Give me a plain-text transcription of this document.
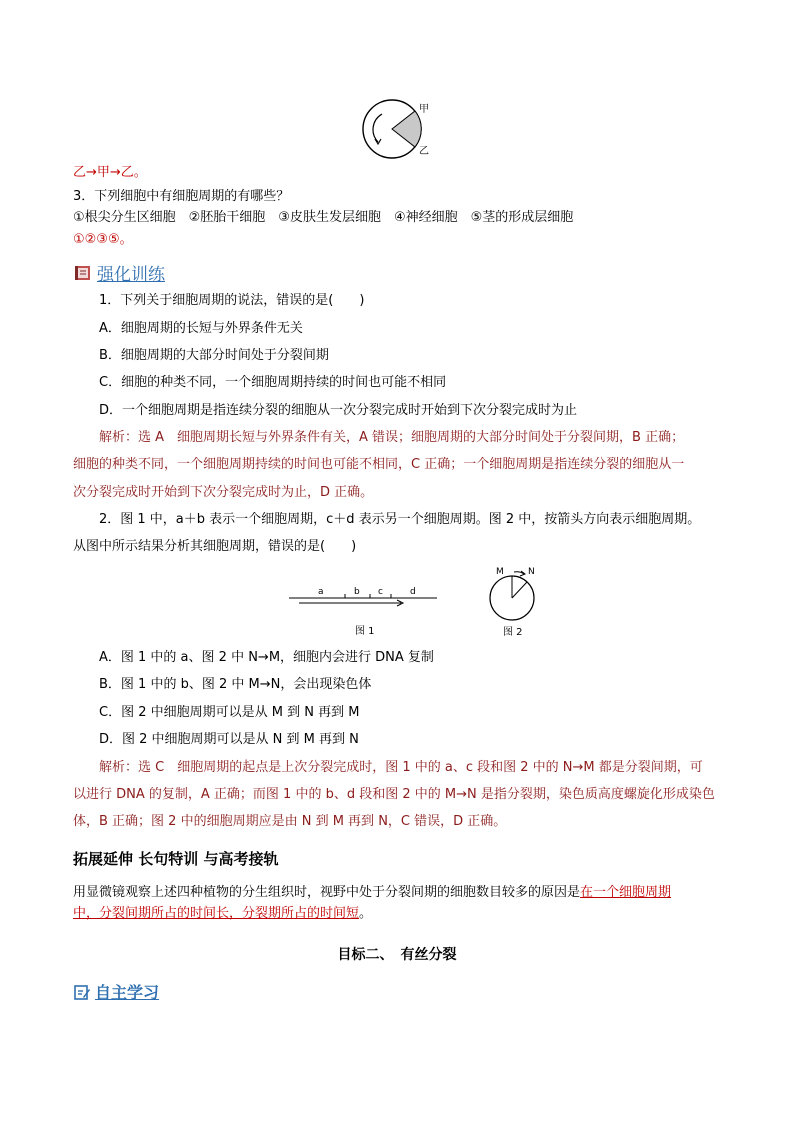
甲
乙
乙→甲→乙。
3．下列细胞中有细胞周期的有哪些？
①根尖分生区细胞　②胚胎干细胞　③皮肤生发层细胞　④神经细胞　⑤茎的形成层细胞
①②③⑤。
强化训练
1．下列关于细胞周期的说法，错误的是(　　)
A．细胞周期的长短与外界条件无关
B．细胞周期的大部分时间处于分裂间期
C．细胞的种类不同，一个细胞周期持续的时间也可能不相同
D．一个细胞周期是指连续分裂的细胞从一次分裂完成时开始到下次分裂完成时为止
解析：选 A　细胞周期长短与外界条件有关，A 错误；细胞周期的大部分时间处于分裂间期，B 正确；
细胞的种类不同，一个细胞周期持续的时间也可能不相同，C 正确；一个细胞周期是指连续分裂的细胞从一
次分裂完成时开始到下次分裂完成时为止，D 正确。
2．图 1 中，a＋b 表示一个细胞周期，c＋d 表示另一个细胞周期。图 2 中，按箭头方向表示细胞周期。
从图中所示结果分析其细胞周期，错误的是(　　)
a	b c	d
图 1
M	N
图 2
A．图 1 中的 a、图 2 中 N→M，细胞内会进行 DNA 复制
B．图 1 中的 b、图 2 中 M→N，会出现染色体
C．图 2 中细胞周期可以是从 M 到 N 再到 M
D．图 2 中细胞周期可以是从 N 到 M 再到 N
解析：选 C　细胞周期的起点是上次分裂完成时，图 1 中的 a、c 段和图 2 中的 N→M 都是分裂间期，可
以进行 DNA 的复制，A 正确；而图 1 中的 b、d 段和图 2 中的 M→N 是指分裂期，染色质高度螺旋化形成染色
体，B 正确；图 2 中的细胞周期应是由 N 到 M 再到 N，C 错误，D 正确。
拓展延伸 长句特训 与高考接轨
用显微镜观察上述四种植物的分生组织时，视野中处于分裂间期的细胞数目较多的原因是在一个细胞周期
中，分裂间期所占的时间长，分裂期所占的时间短。
目标二、　有丝分裂
自主学习
